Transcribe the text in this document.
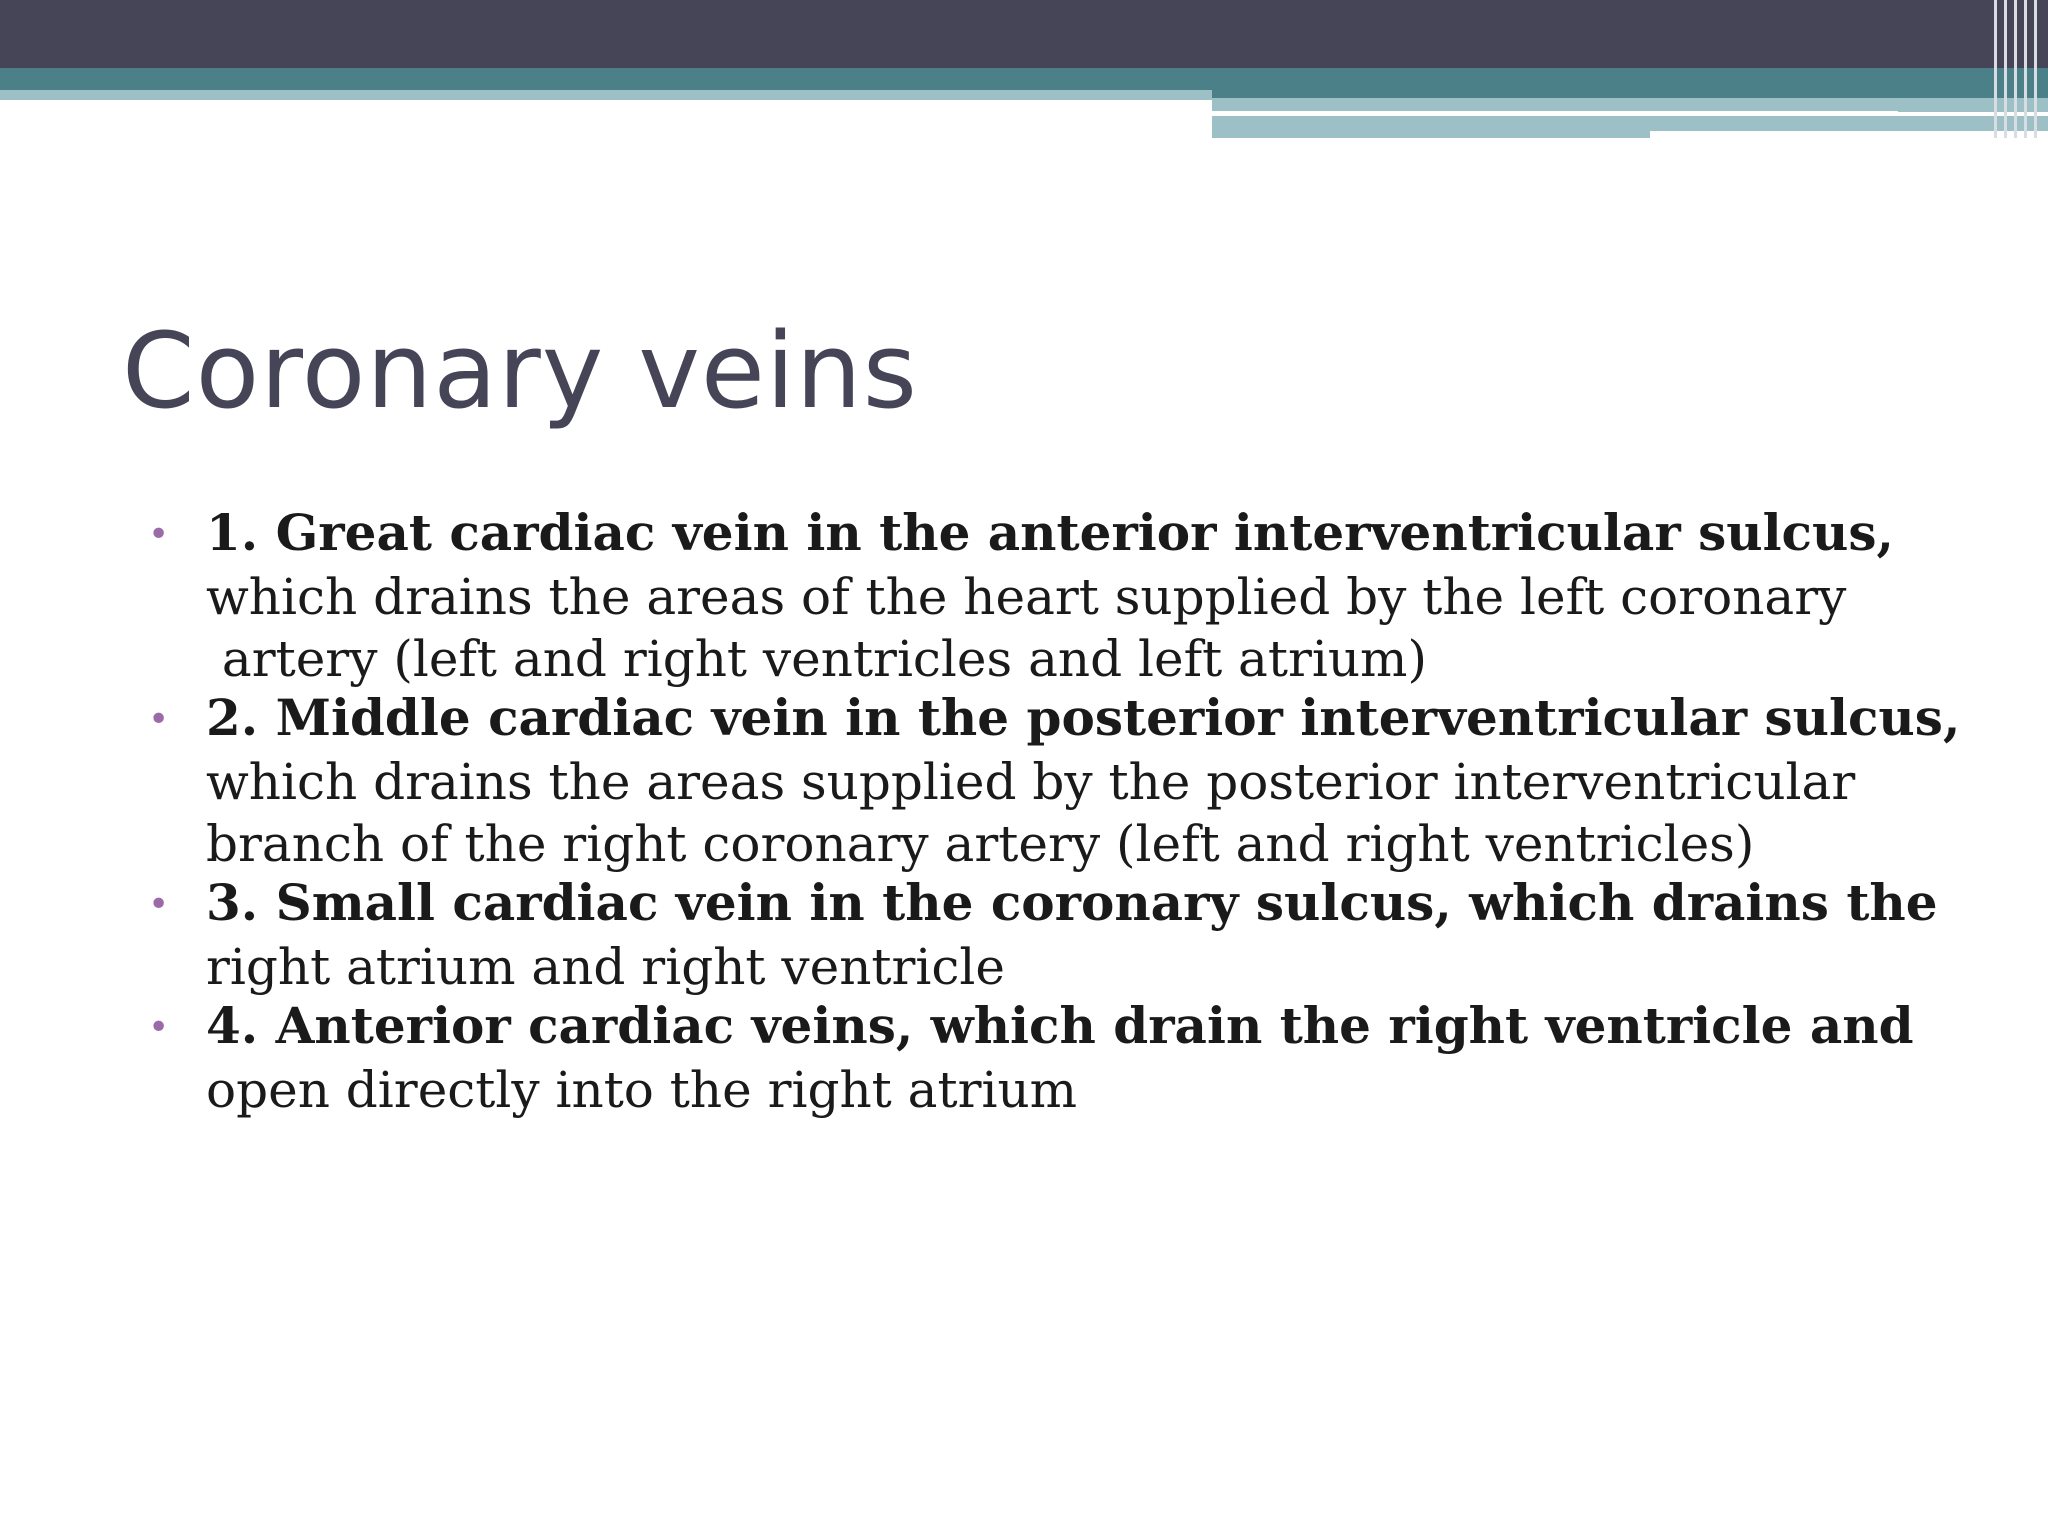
Coronary veins
• 1. Great cardiac vein in the anterior interventricular sulcus,
which drains the areas of the heart supplied by the left coronary
artery (left and right ventricles and left atrium)
• 2. Middle cardiac vein in the posterior interventricular sulcus,
which drains the areas supplied by the posterior interventricular
branch of the right coronary artery (left and right ventricles)
• 3. Small cardiac vein in the coronary sulcus, which drains the
right atrium and right ventricle
• 4. Anterior cardiac veins, which drain the right ventricle and
open directly into the right atrium
